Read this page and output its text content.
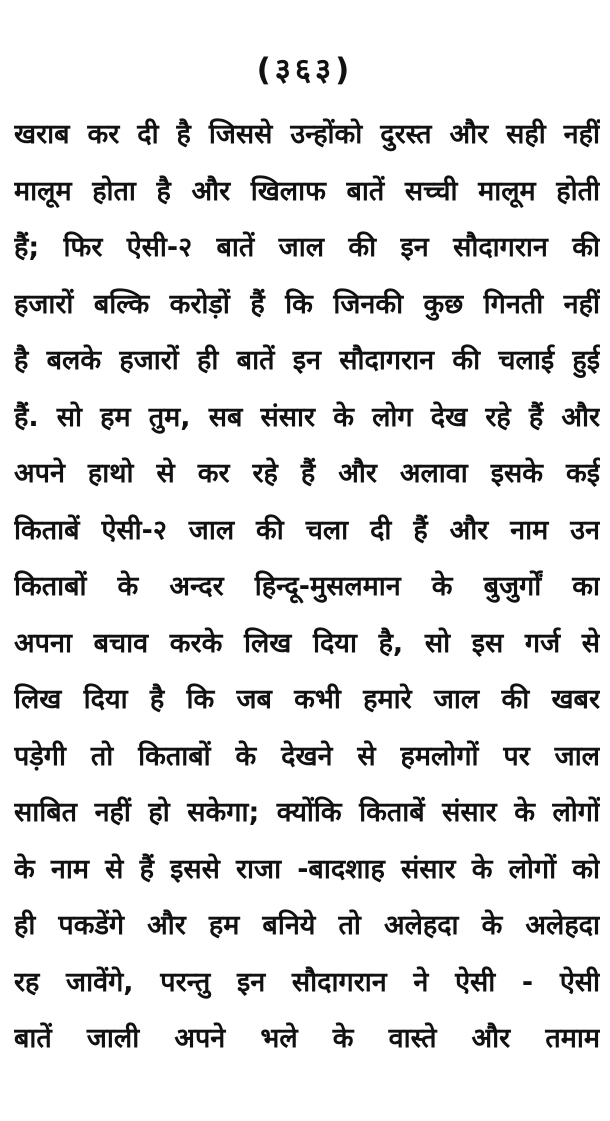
(३६३)
खराब कर दी है जिससे उन्होंको दुरस्त और सही नहीं
मालूम होता है और खिलाफ बातें सच्ची मालूम होती
हैं; फिर ऐसी-२ बातें जाल की इन सौदागरान की
हजारों बल्कि करोड़ों हैं कि जिनकी कुछ गिनती नहीं
है बलके हजारों ही बातें इन सौदागरान की चलाई हुई
हैं. सो हम तुम, सब संसार के लोग देख रहे हैं और
अपने हाथो से कर रहे हैं और अलावा इसके कई
किताबें ऐसी-२ जाल की चला दी हैं और नाम उन
किताबों के अन्दर हिन्दू-मुसलमान के बुजुर्गों का
अपना बचाव करके लिख दिया है, सो इस गर्ज से
लिख दिया है कि जब कभी हमारे जाल की खबर
पड़ेगी तो किताबों के देखने से हमलोगों पर जाल
साबित नहीं हो सकेगा; क्योंकि किताबें संसार के लोगों
के नाम से हैं इससे राजा -बादशाह संसार के लोगों को
ही पकडेंगे और हम बनिये तो अलेहदा के अलेहदा
रह जावेंगे, परन्तु इन सौदागरान ने ऐसी - ऐसी
बातें जाली अपने भले के वास्ते और तमाम
